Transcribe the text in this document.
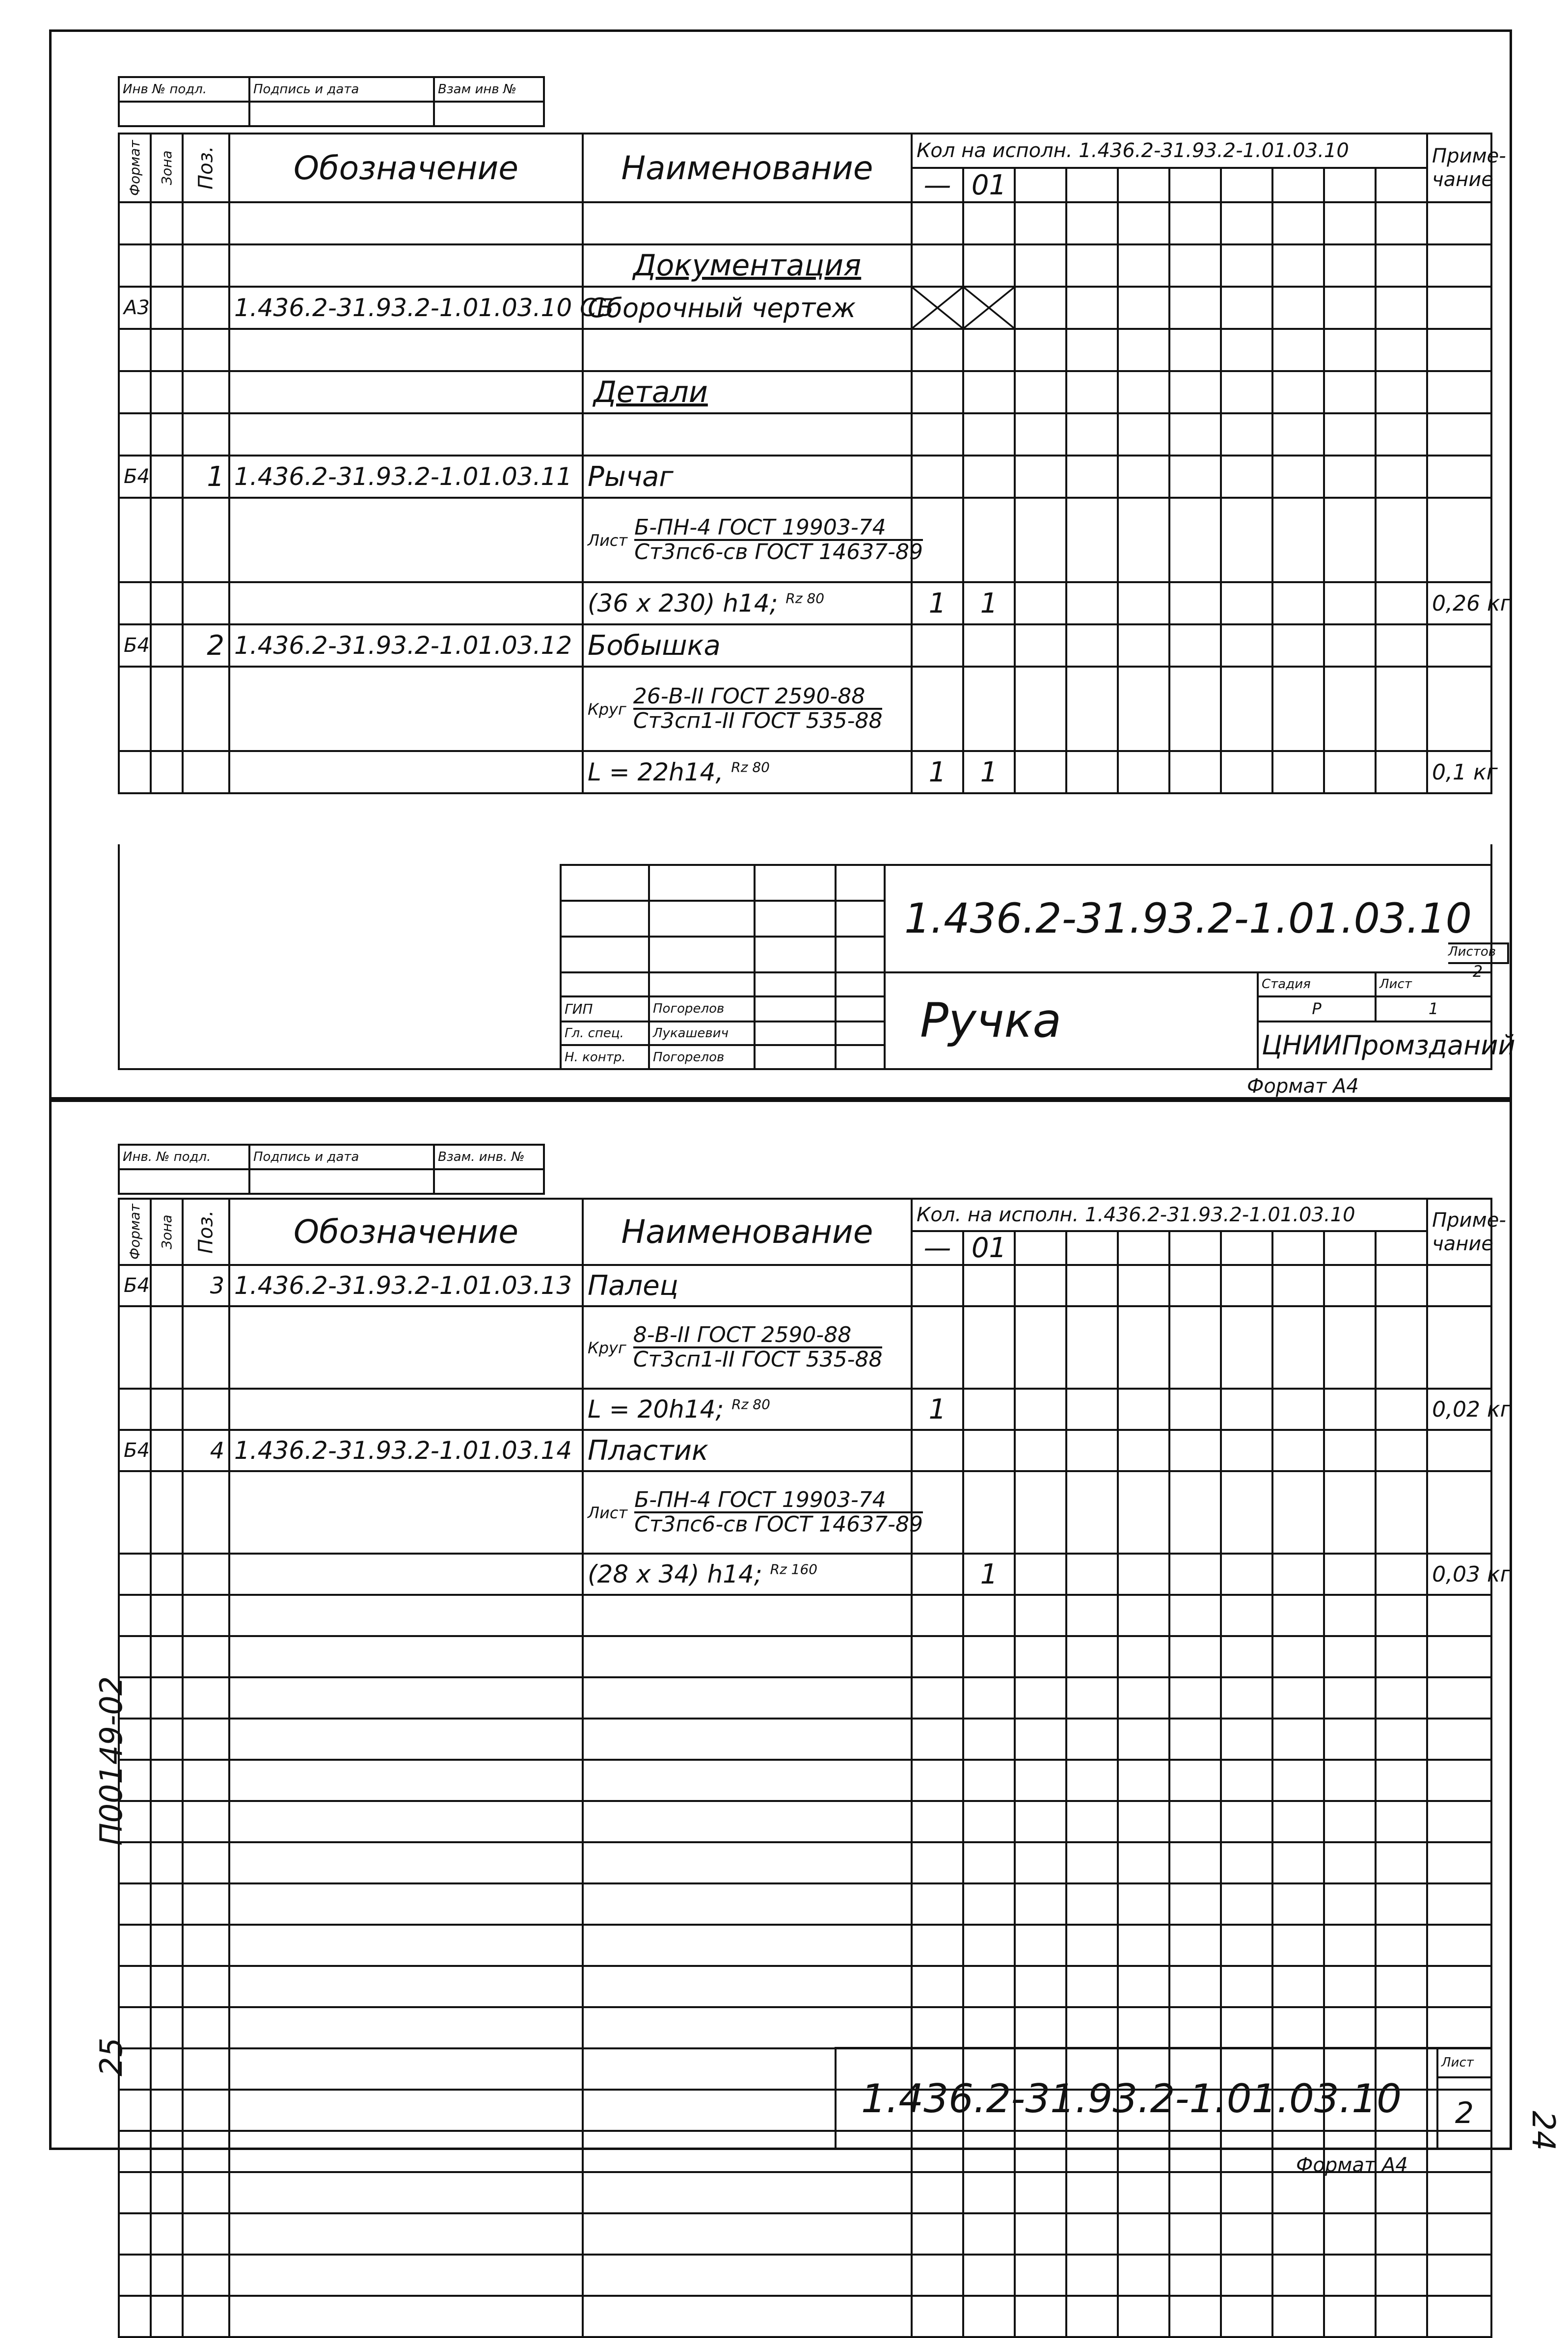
Инв № подл.	Подпись и дата	Взам инв №

Формат	Зона	Поз.	Обозначение	Наименование	Кол на исполн. 1.436.2-31.93.2-1.01.03.10										Приме-чание
					—	01									

				Документация											
А3			1.436.2-31.93.2-1.01.03.10 СБ	Сборочный чертеж	

				Детали											

Б4		1	1.436.2-31.93.2-1.01.03.11	Рычаг											
				Лист
Б-ПН-4 ГОСТ 19903-74
Ст3пс6-св ГОСТ 14637-89											

				(36 x 230) h14; $^{Rz 80}$	1	1									0,26 кг
Б4		2	1.436.2-31.93.2-1.01.03.12	Бобышка											
				Круг
26-В-II ГОСТ 2590-88
Ст3сп1-II ГОСТ 535-88											

				L = 22h14, $^{Rz 80}$	1	1									0,1 кг
				1.436.2-31.93.2-1.01.03.10		

				Ручка	Стадия	Лист
ГИП	Погорелов				Р	1
Гл. спец.	Лукашевич				ЦНИИПромзданий	
Н. контр.	Погорелов					
Листов
2
Формат А4
Инв. № подл.	Подпись и дата	Взам. инв. №

Формат	Зона	Поз.	Обозначение	Наименование	Кол. на исполн. 1.436.2-31.93.2-1.01.03.10										Приме-чание
					—	01									
Б4		3	1.436.2-31.93.2-1.01.03.13	Палец											
				Круг
8-В-II ГОСТ 2590-88
Ст3сп1-II ГОСТ 535-88											

				L = 20h14; $^{Rz 80}$	1										0,02 кг
Б4		4	1.436.2-31.93.2-1.01.03.14	Пластик											
				Лист
Б-ПН-4 ГОСТ 19903-74
Ст3пс6-св ГОСТ 14637-89											

				(28 x 34) h14; $^{Rz 160}$		1									0,03 кг

1.436.2-31.93.2-1.01.03.10	Лист
2
Формат А4
П00149-02
25
24
